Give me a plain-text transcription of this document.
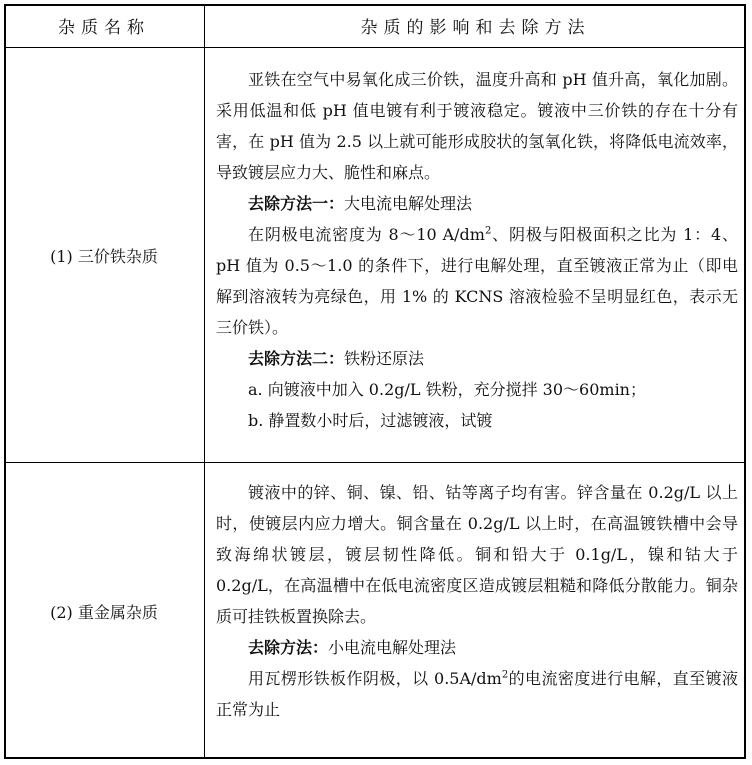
杂质名称	杂质的影响和去除方法
(1) 三价铁杂质

亚铁在空气中易氧化成三价铁，温度升高和 pH 值升高，氧化加剧。采用低温和低 pH 值电镀有利于镀液稳定。镀液中三价铁的存在十分有害，在 pH 值为 2.5 以上就可能形成胶状的氢氧化铁，将降低电流效率，导致镀层应力大、脆性和麻点。

去除方法一：大电流电解处理法

在阴极电流密度为 8～10 $A/dm^2$、阴极与阳极面积之比为 1：4、pH 值为 0.5～1.0 的条件下，进行电解处理，直至镀液正常为止（即电解到溶液转为亮绿色，用 1% 的 KCNS 溶液检验不呈明显红色，表示无三价铁）。

去除方法二：铁粉还原法

a. 向镀液中加入 0.2g/L 铁粉，充分搅拌 30～60min；

b. 静置数小时后，过滤镀液，试镀

(2) 重金属杂质

镀液中的锌、铜、镍、铅、钴等离子均有害。锌含量在 0.2g/L 以上时，使镀层内应力增大。铜含量在 0.2g/L 以上时，在高温镀铁槽中会导致海绵状镀层，镀层韧性降低。铜和铅大于 0.1g/L，镍和钴大于 0.2g/L，在高温槽中在低电流密度区造成镀层粗糙和降低分散能力。铜杂质可挂铁板置换除去。

去除方法：小电流电解处理法

用瓦楞形铁板作阴极，以 $0.5A/dm^2$的电流密度进行电解，直至镀液正常为止
